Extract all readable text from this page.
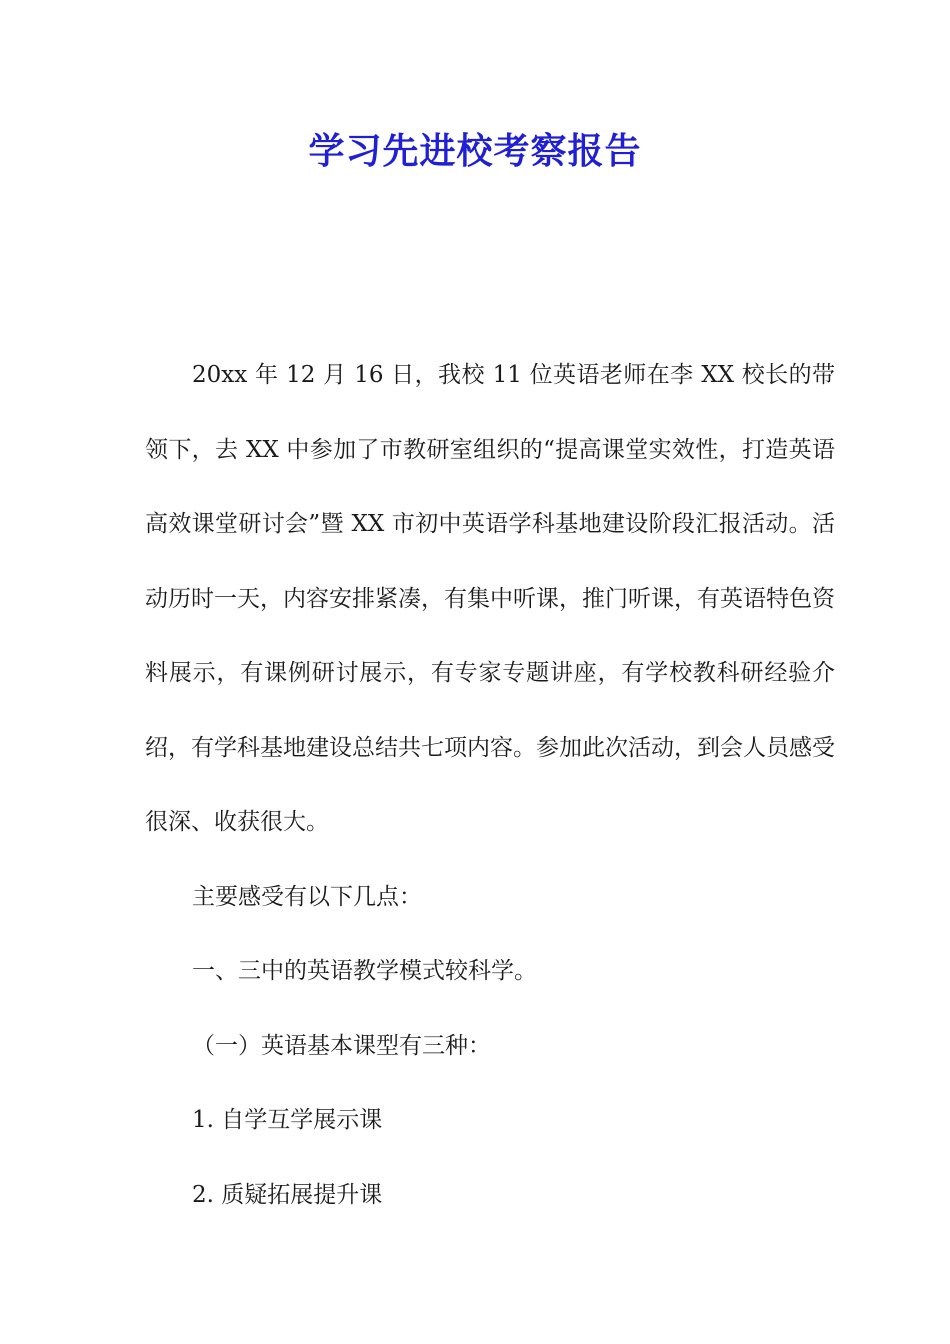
学习先进校考察报告

20xx 年 12 月 16 日，我校 11 位英语老师在李 XX 校长的带领下，去 XX 中参加了市教研室组织的“提高课堂实效性，打造英语高效课堂研讨会”暨 XX 市初中英语学科基地建设阶段汇报活动。活动历时一天，内容安排紧凑，有集中听课，推门听课，有英语特色资料展示，有课例研讨展示，有专家专题讲座，有学校教科研经验介绍，有学科基地建设总结共七项内容。参加此次活动，到会人员感受很深、收获很大。

主要感受有以下几点：

一、三中的英语教学模式较科学。

（一）英语基本课型有三种：

1. 自学互学展示课

2. 质疑拓展提升课
